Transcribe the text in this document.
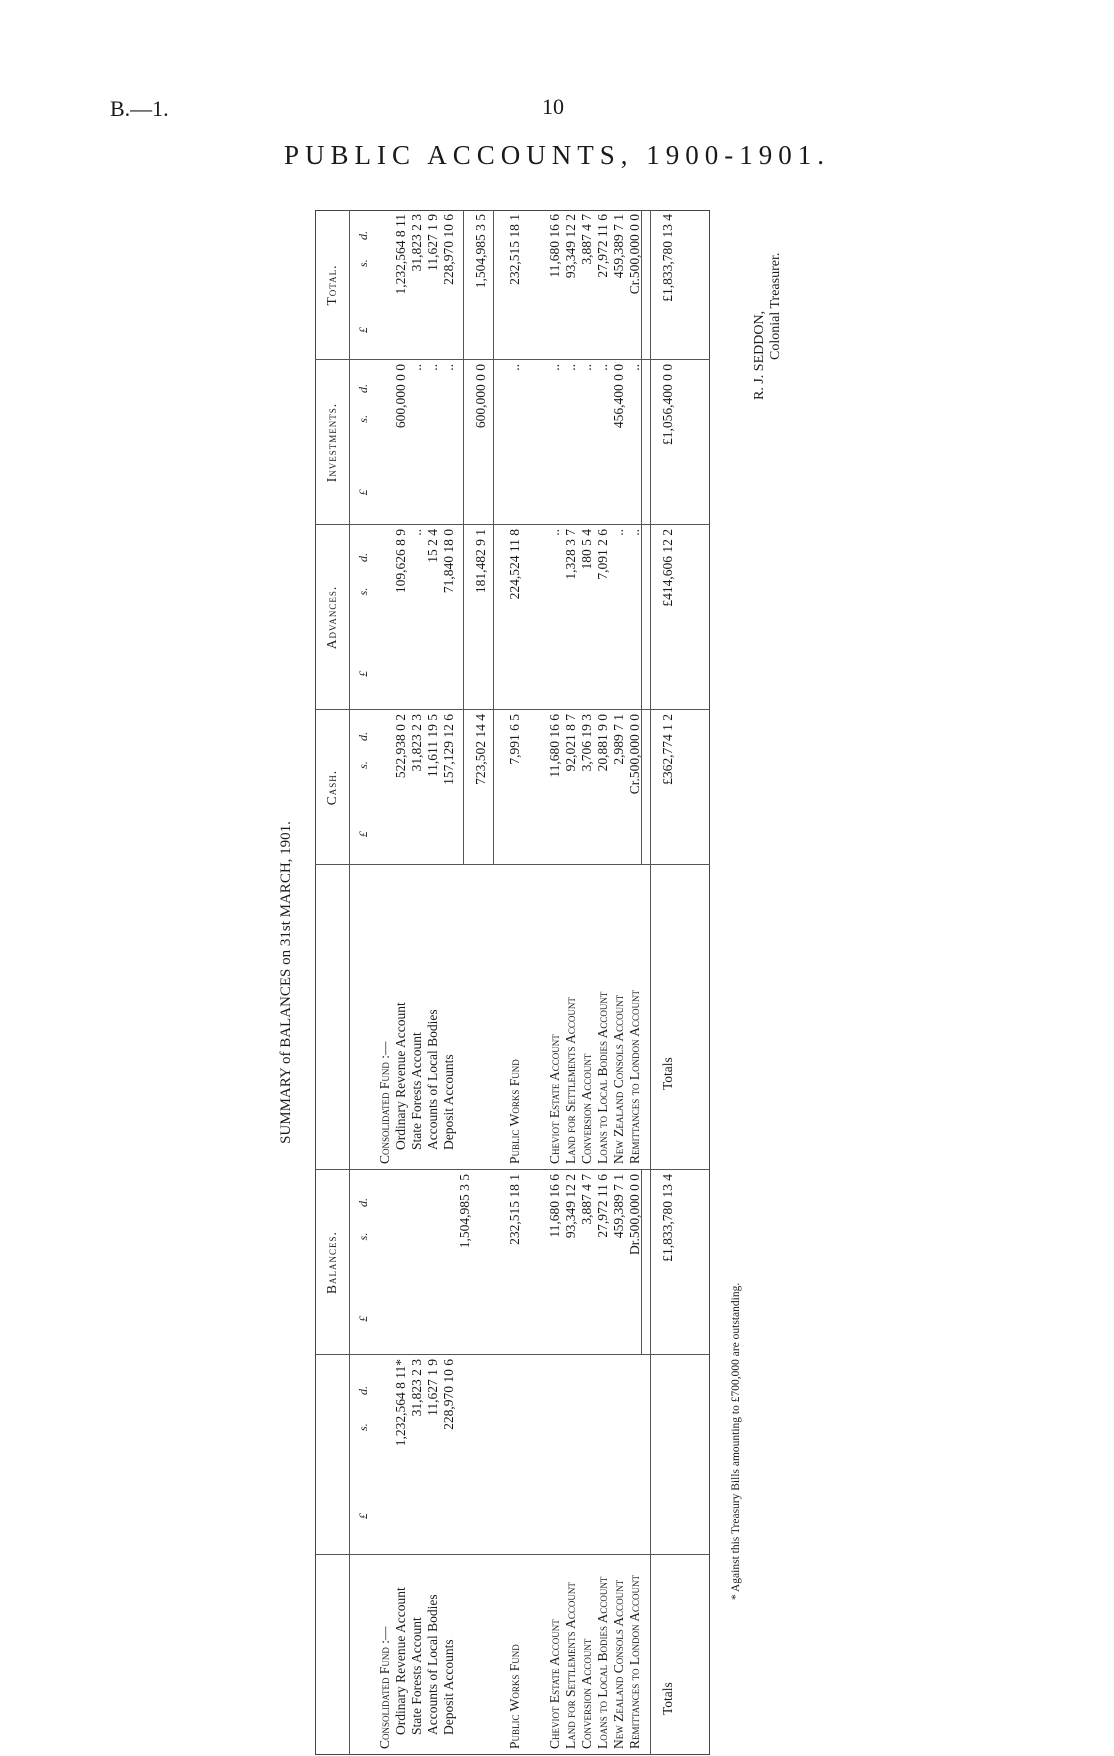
B.—1.	10
PUBLIC ACCOUNTS, 1900-1901.
SUMMARY of BALANCES on 31st MARCH, 1901.
Balances.
Cash.
Advances.
Investments.
Total.
£
s.
d.
£
s.
d.
£
s.
d.
£
s.
d.
£
s.
d.
£
s.
d.
Consolidated Fund :— Ordinary Revenue Account State Forests Account Accounts of Local Bodies Deposit Accounts
1,232,564 8 11* 31,823 2 3 11,627 1 9 228,970 10 6
1,504,985 3 5
Public Works Fund
232,515 18 1
Cheviot Estate Account Land for Settlements Account Conversion Account Loans to Local Bodies Account New Zealand Consols Account Remittances to London Account
11,680 16 6 93,349 12 2 3,887 4 7 27,972 11 6 459,389 7 1 Dr.500,000 0 0
Totals
£1,833,780 13 4
Consolidated Fund :— Ordinary Revenue Account State Forests Account Accounts of Local Bodies Deposit Accounts
522,938 0 2 31,823 2 3 11,611 19 5 157,129 12 6
109,626 8 9 .. 15 2 4 71,840 18 0
600,000 0 0 .. .. ..
1,232,564 8 11 31,823 2 3 11,627 1 9 228,970 10 6
723,502 14 4
181,482 9 1
600,000 0 0
1,504,985 3 5
Public Works Fund
7,991 6 5
224,524 11 8
..
232,515 18 1
Cheviot Estate Account Land for Settlements Account Conversion Account Loans to Local Bodies Account New Zealand Consols Account Remittances to London Account
11,680 16 6 92,021 8 7 3,706 19 3 20,881 9 0 2,989 7 1 Cr.500,000 0 0
.. 1,328 3 7 180 5 4 7,091 2 6 .. ..
.. .. .. .. 456,400 0 0 ..
11,680 16 6 93,349 12 2 3,887 4 7 27,972 11 6 459,389 7 1 Cr.500,000 0 0
Totals
£362,774 1 2
£414,606 12 2
£1,056,400 0 0
£1,833,780 13 4
* Against this Treasury Bills amounting to £700,000 are outstanding.
R. J. SEDDON, Colonial Treasurer.
